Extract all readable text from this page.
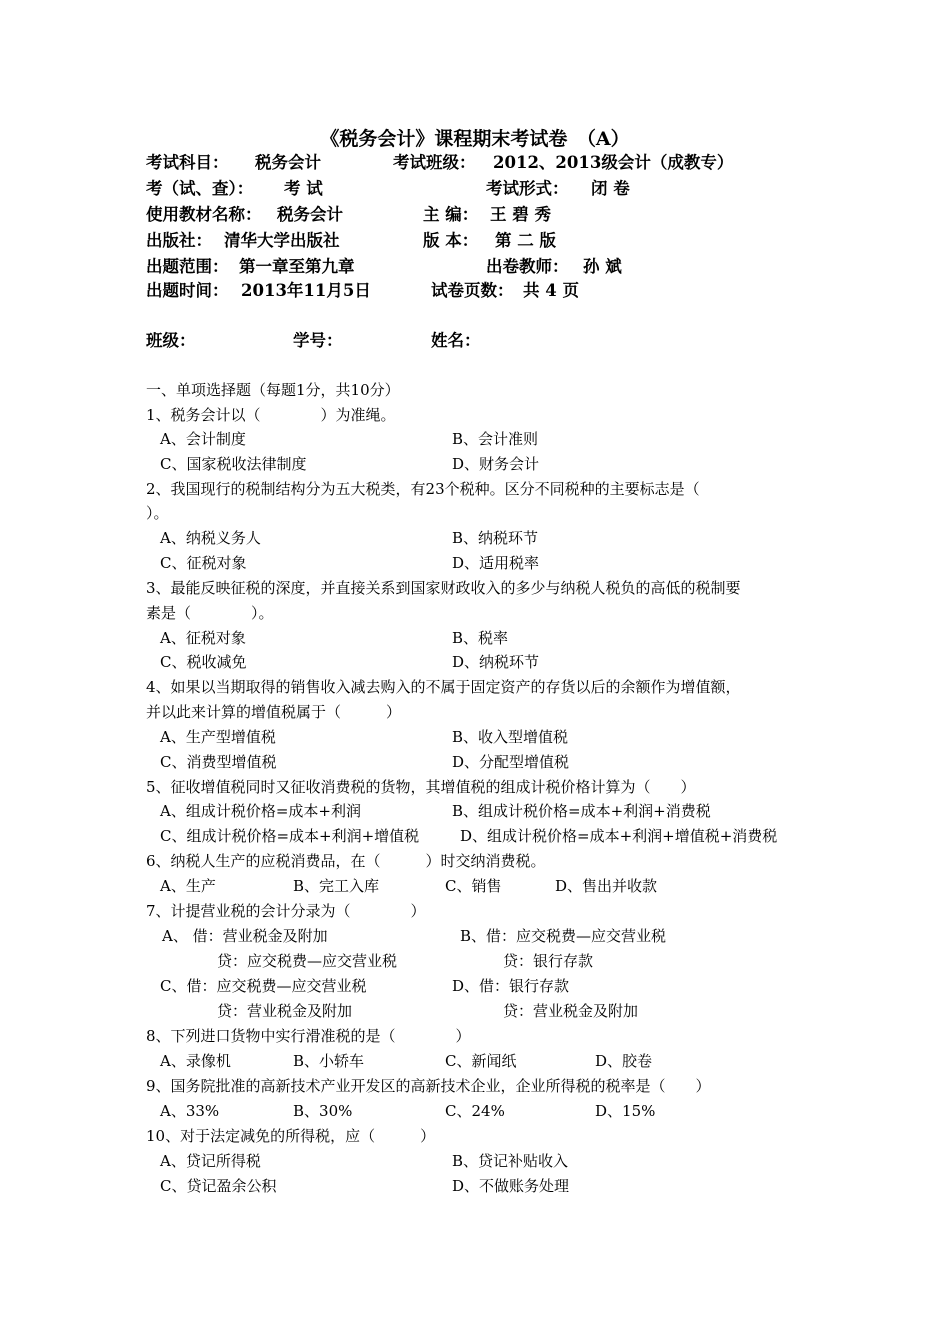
《税务会计》课程期末考试卷　（A）
考试科目： 税务会计	考试班级： 2012、2013级会计（成教专）
考（试、查）： 考 试	考试形式： 闭 卷
使用教材名称： 税务会计	主 编： 王 碧 秀
出版社： 清华大学出版社	版 本： 第 二 版
出题范围： 第一章至第九章	出卷教师： 孙 斌
出题时间： 2013年11月5日	试卷页数： 共 4 页
班级：	学号：	姓名：
一、单项选择题（每题1分，共10分）
1、税务会计以（　　　　）为准绳。
A、会计制度	B、会计准则
C、国家税收法律制度	D、财务会计
2、我国现行的税制结构分为五大税类，有23个税种。区分不同税种的主要标志是（
）。
A、纳税义务人	B、纳税环节
C、征税对象	D、适用税率
3、最能反映征税的深度，并直接关系到国家财政收入的多少与纳税人税负的高低的税制要
素是（　　　　）。
A、征税对象	B、税率
C、税收减免	D、纳税环节
4、如果以当期取得的销售收入减去购入的不属于固定资产的存货以后的余额作为增值额，
并以此来计算的增值税属于（　　　）
A、生产型增值税	B、收入型增值税
C、消费型增值税	D、分配型增值税
5、征收增值税同时又征收消费税的货物，其增值税的组成计税价格计算为（　　）
A、组成计税价格=成本+利润	B、组成计税价格=成本+利润+消费税
C、组成计税价格=成本+利润+增值税	D、组成计税价格=成本+利润+增值税+消费税
6、纳税人生产的应税消费品，在（　　　）时交纳消费税。
A、生产	B、完工入库	C、销售	D、售出并收款
7、计提营业税的会计分录为（　　　　）
A、 借：营业税金及附加	B、借：应交税费—应交营业税
贷：应交税费—应交营业税	贷：银行存款
C、借：应交税费—应交营业税	D、借：银行存款
贷：营业税金及附加	贷：营业税金及附加
8、下列进口货物中实行滑准税的是（　　　　）
A、录像机	B、小轿车	C、新闻纸	D、胶卷
9、国务院批准的高新技术产业开发区的高新技术企业，企业所得税的税率是（　　）
A、33%	B、30%	C、24%	D、15%
10、对于法定减免的所得税，应（　　　）
A、贷记所得税	B、贷记补贴收入
C、贷记盈余公积	D、不做账务处理
